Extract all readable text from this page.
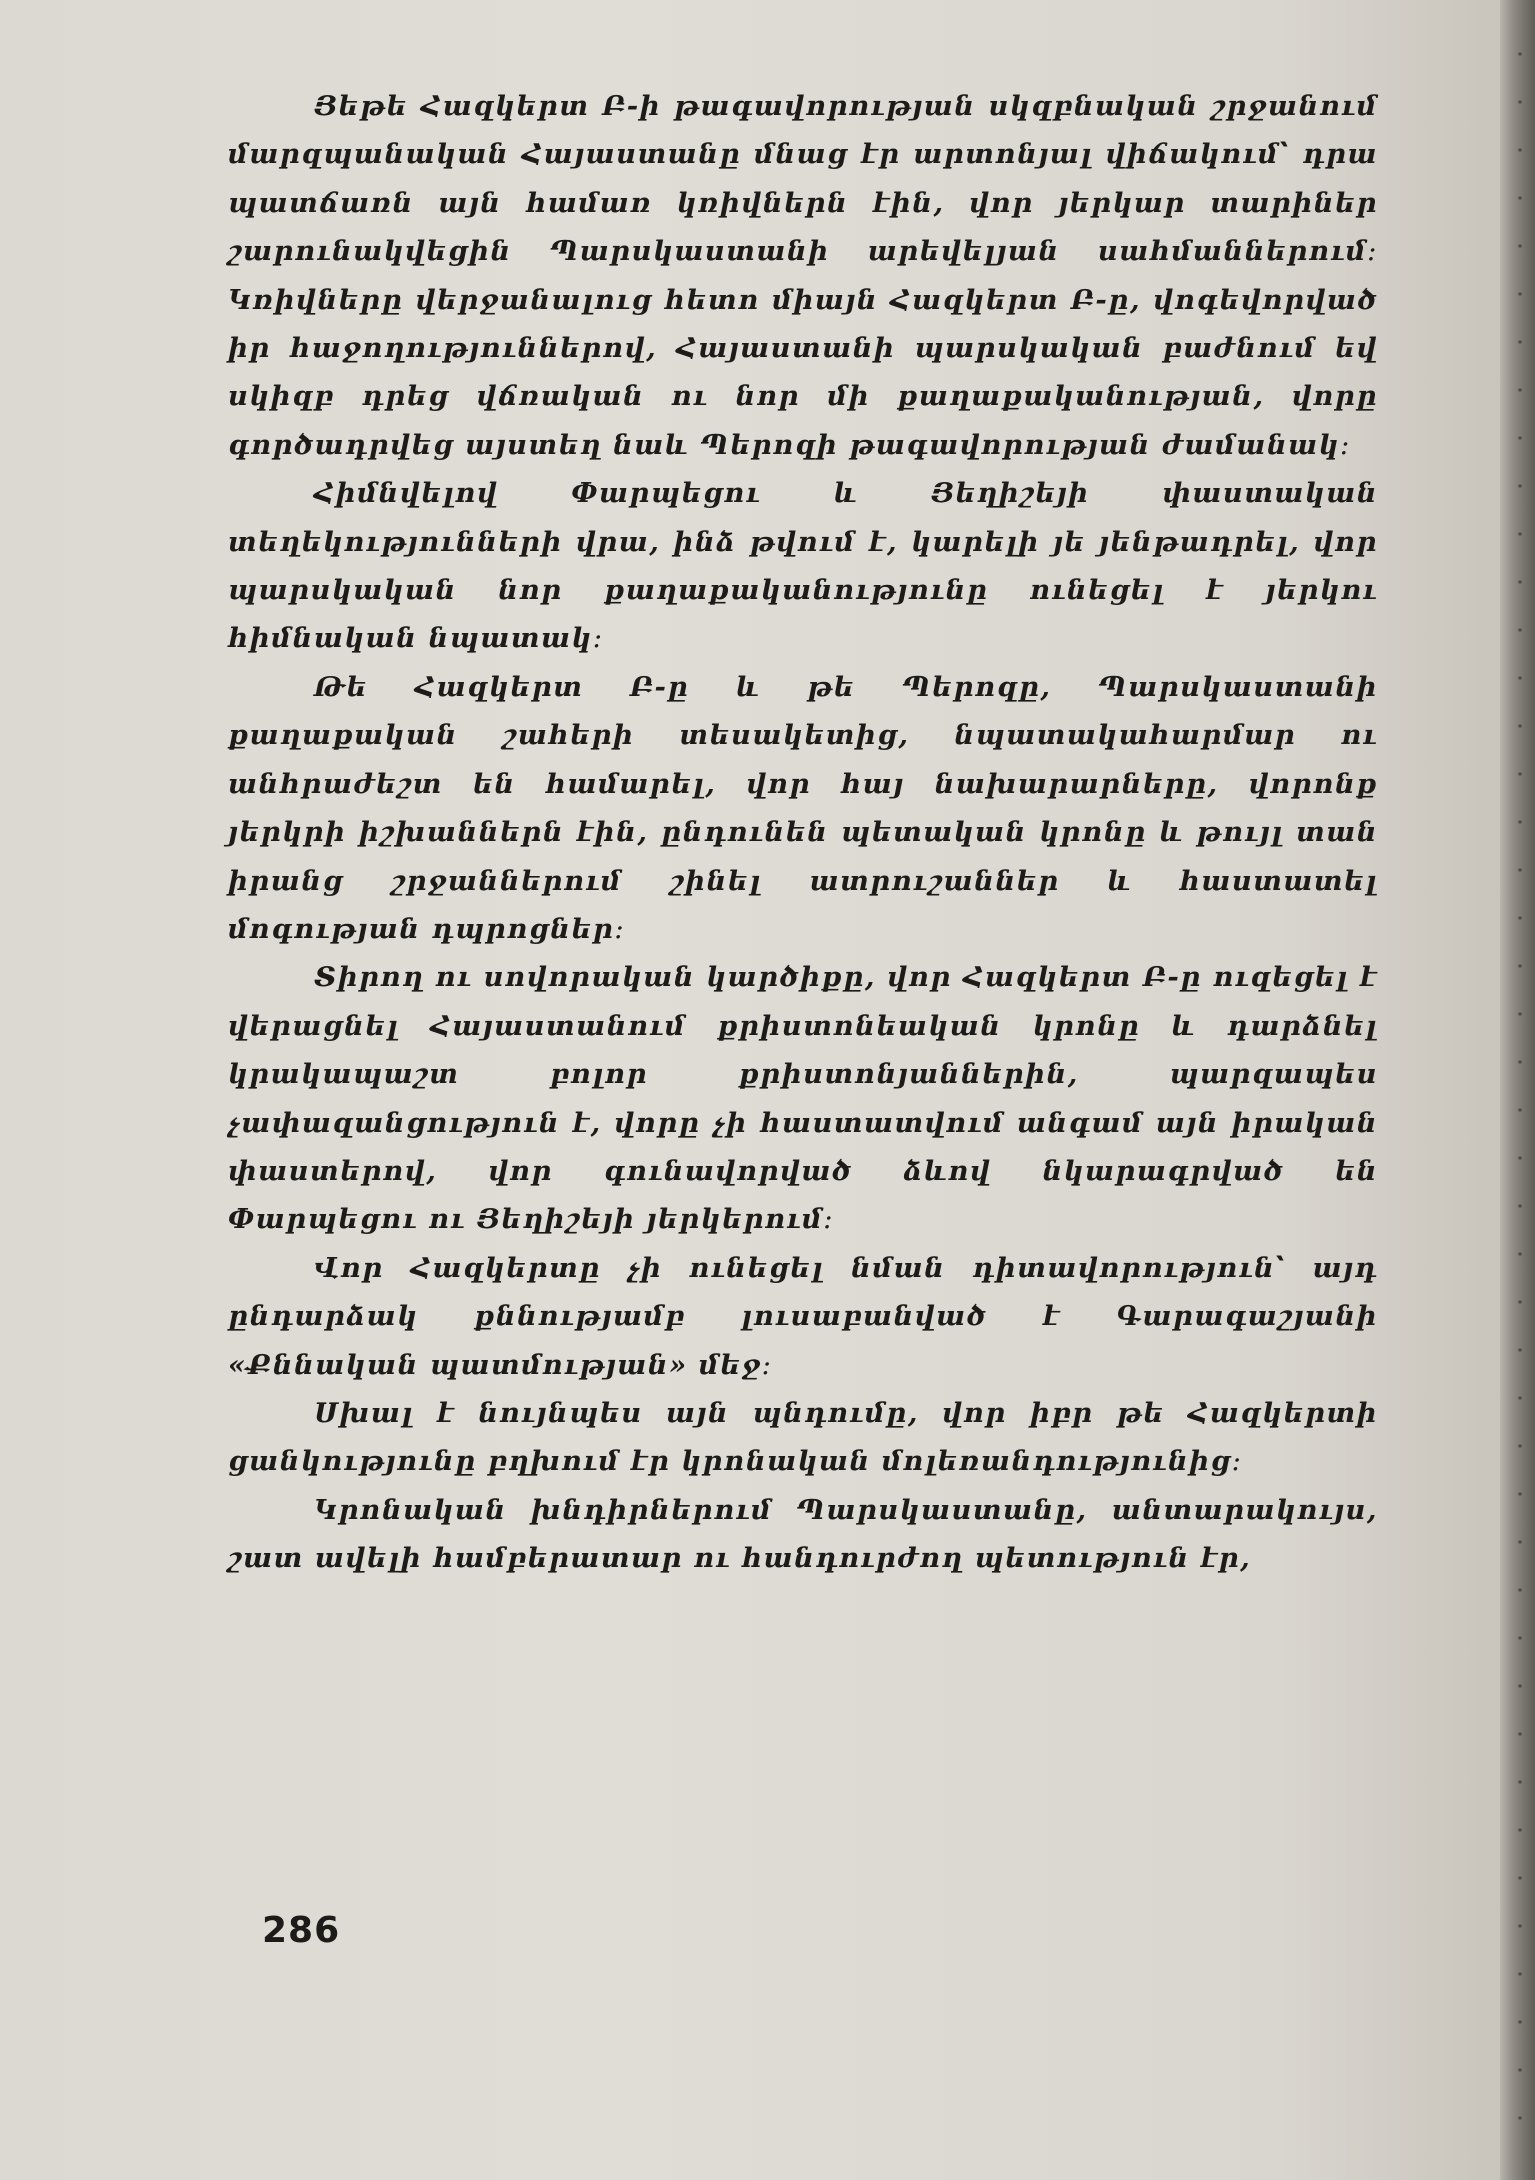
Յեթե Հազկերտ Բ-ի թագավորության սկզբնական շրջանում մարզպանական Հայաստանը մնաց էր արտոնյալ վիճակում՝ դրա պատճառն այն համառ կռիվներն էին, վոր յերկար տարիներ շարունակվեցին Պարսկաստանի արեվելյան սահմաններում։ Կռիվները վերջանալուց հետո միայն Հազկերտ Բ-ը, վոգեվորված իր հաջողություններով, Հայաստանի պարսկական բաժնում եվ սկիզբ դրեց վճռական ու նոր մի քաղաքականության, վորը գործադրվեց այստեղ նաև Պերոզի թագավորության ժամանակ։

Հիմնվելով Փարպեցու և Յեղիշեյի փաստական տեղեկությունների վրա, ինձ թվում է, կարելի յե յենթադրել, վոր պարսկական նոր քաղաքականությունը ունեցել է յերկու հիմնական նպատակ։

Թե Հազկերտ Բ-ը և թե Պերոզը, Պարսկաստանի քաղաքական շահերի տեսակետից, նպատակահարմար ու անհրաժեշտ են համարել, վոր հայ նախարարները, վորոնք յերկրի իշխաններն էին, ընդունեն պետական կրոնը և թույլ տան իրանց շրջաններում շինել ատրուշաններ և հաստատել մոգության դպրոցներ։

Տիրող ու սովորական կարծիքը, վոր Հազկերտ Բ-ը ուզեցել է վերացնել Հայաստանում քրիստոնեական կրոնը և դարձնել կրակապաշտ բոլոր քրիստոնյաններին, պարզապես չափազանցություն է, վորը չի հաստատվում անգամ այն իրական փաստերով, վոր գունավորված ձևով նկարագրված են Փարպեցու ու Յեղիշեյի յերկերում։

Վոր Հազկերտը չի ունեցել նման դիտավորություն՝ այդ ընդարձակ քննությամբ լուսաբանված է Գարագաշյանի «Քննական պատմության» մեջ։

Սխալ է նույնպես այն պնդումը, վոր իբր թե Հազկերտի ցանկությունը բղխում էր կրոնական մոլեռանդությունից։

Կրոնական խնդիրներում Պարսկաստանը, անտարակույս, շատ ավելի համբերատար ու հանդուրժող պետություն էր,

286
